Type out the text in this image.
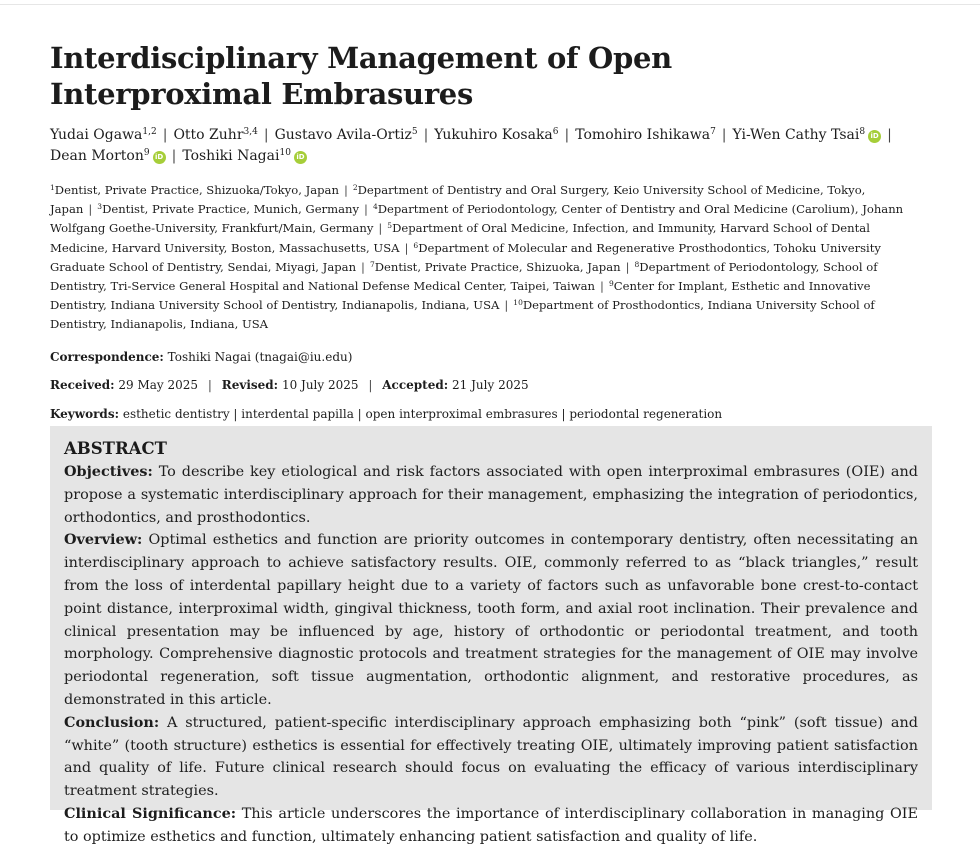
Interdisciplinary Management of Open
Interproximal Embrasures
Yudai Ogawa$^{1,2}$ | Otto Zuhr$^{3,4}$ | Gustavo Avila-Ortiz$^5$ | Yukuhiro Kosaka$^6$ | Tomohiro Ishikawa$^7$ | Yi-Wen Cathy Tsai$^8$ iD |
Dean Morton$^9$ iD | Toshiki Nagai$^{10}$ iD
$^1$Dentist, Private Practice, Shizuoka/Tokyo, Japan | $^2$Department of Dentistry and Oral Surgery, Keio University School of Medicine, Tokyo, Japan | $^3$Dentist, Private Practice, Munich, Germany | $^4$Department of Periodontology, Center of Dentistry and Oral Medicine (Carolium), Johann Wolfgang Goethe-University, Frankfurt/Main, Germany | $^5$Department of Oral Medicine, Infection, and Immunity, Harvard School of Dental Medicine, Harvard University, Boston, Massachusetts, USA | $^6$Department of Molecular and Regenerative Prosthodontics, Tohoku University Graduate School of Dentistry, Sendai, Miyagi, Japan | $^7$Dentist, Private Practice, Shizuoka, Japan | $^8$Department of Periodontology, School of Dentistry, Tri-Service General Hospital and National Defense Medical Center, Taipei, Taiwan | $^9$Center for Implant, Esthetic and Innovative Dentistry, Indiana University School of Dentistry, Indianapolis, Indiana, USA | $^{10}$Department of Prosthodontics, Indiana University School of Dentistry, Indianapolis, Indiana, USA
Correspondence: Toshiki Nagai (tnagai@iu.edu)
Received: 29 May 2025 | Revised: 10 July 2025 | Accepted: 21 July 2025
Keywords: esthetic dentistry | interdental papilla | open interproximal embrasures | periodontal regeneration
ABSTRACT

Objectives: To describe key etiological and risk factors associated with open interproximal embrasures (OIE) and propose a systematic interdisciplinary approach for their management, emphasizing the integration of periodontics, orthodontics, and prosthodontics.

Overview: Optimal esthetics and function are priority outcomes in contemporary dentistry, often necessitating an interdisciplinary approach to achieve satisfactory results. OIE, commonly referred to as “black triangles,” result from the loss of interdental papillary height due to a variety of factors such as unfavorable bone crest-to-contact point distance, interproximal width, gingival thickness, tooth form, and axial root inclination. Their prevalence and clinical presentation may be influenced by age, history of orthodontic or periodontal treatment, and tooth morphology. Comprehensive diagnostic protocols and treatment strategies for the management of OIE may involve periodontal regeneration, soft tissue augmentation, orthodontic alignment, and restorative procedures, as demonstrated in this article.

Conclusion: A structured, patient-specific interdisciplinary approach emphasizing both “pink” (soft tissue) and “white” (tooth structure) esthetics is essential for effectively treating OIE, ultimately improving patient satisfaction and quality of life. Future clinical research should focus on evaluating the efficacy of various interdisciplinary treatment strategies.

Clinical Significance: This article underscores the importance of interdisciplinary collaboration in managing OIE to optimize esthetics and function, ultimately enhancing patient satisfaction and quality of life.
